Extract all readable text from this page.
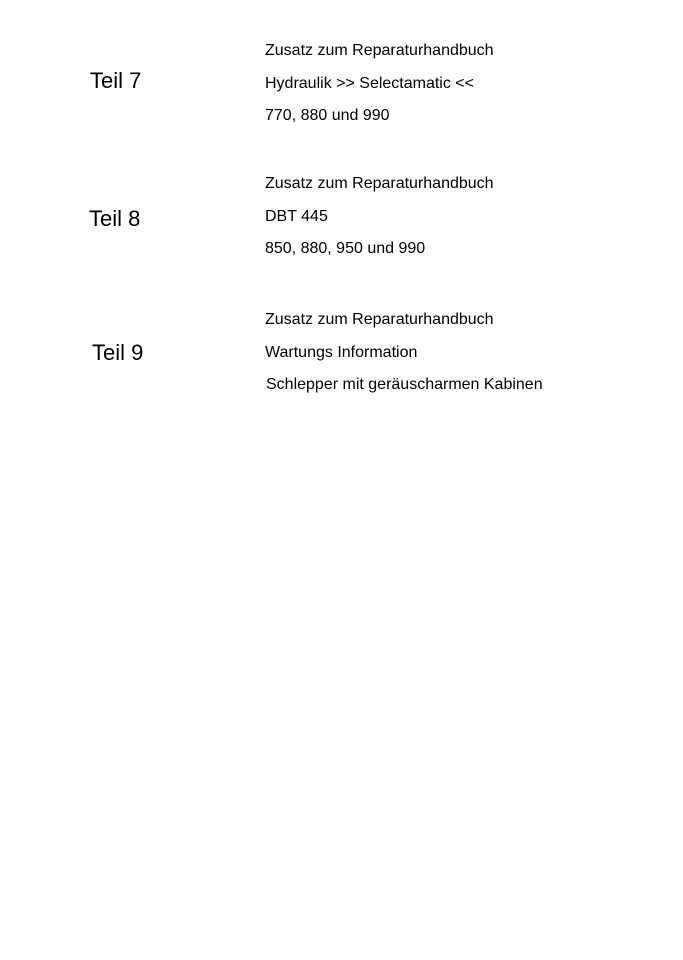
Teil 7
Zusatz zum Reparaturhandbuch
Hydraulik >> Selectamatic <<
770, 880 und 990
Teil 8
Zusatz zum Reparaturhandbuch
DBT 445
850, 880, 950 und 990
Teil 9
Zusatz zum Reparaturhandbuch
Wartungs Information
Schlepper mit geräuscharmen Kabinen
